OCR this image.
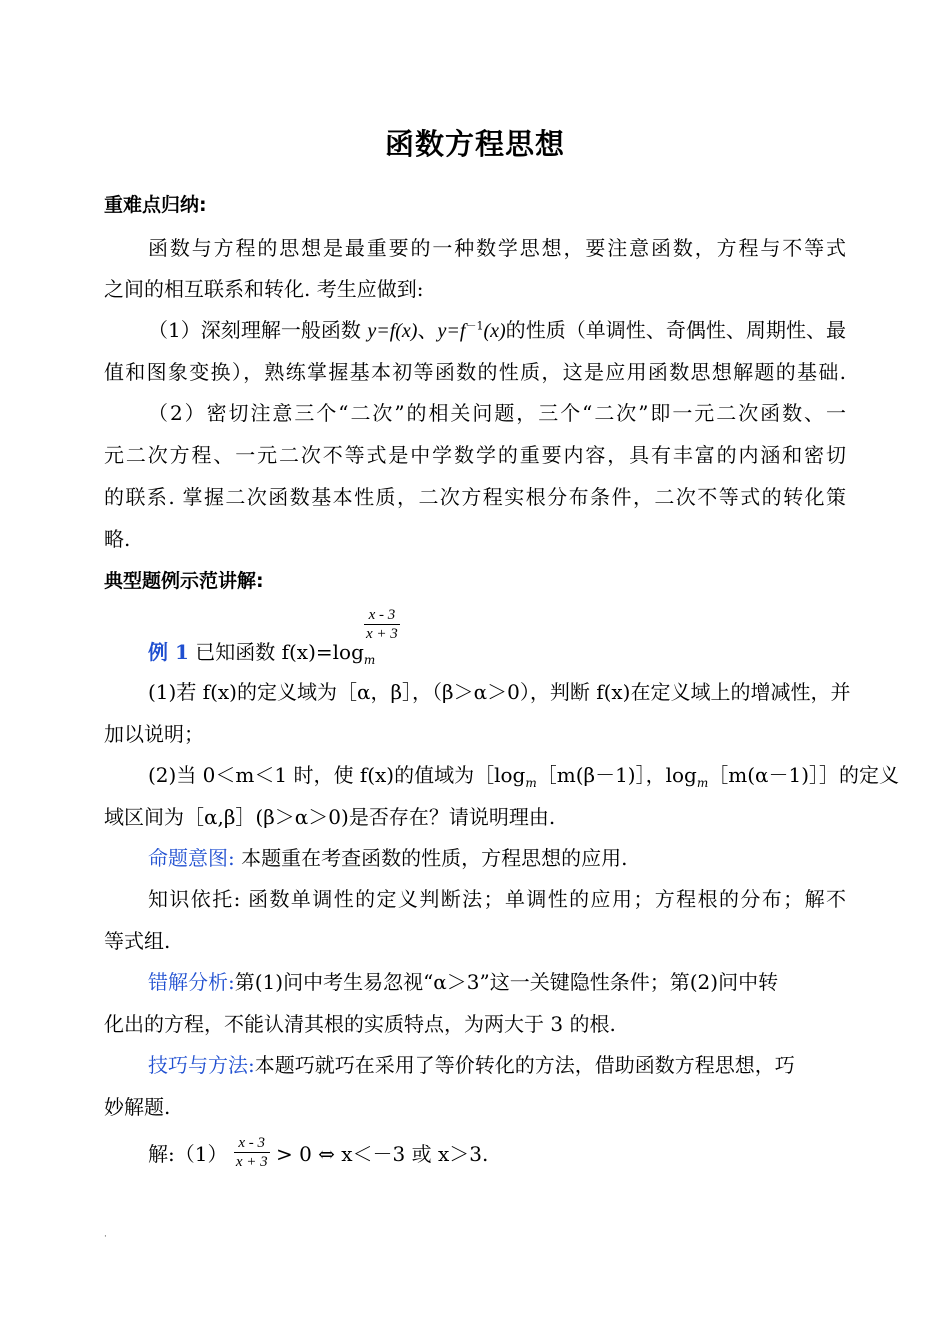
函数方程思想
重难点归纳:
函数与方程的思想是最重要的一种数学思想，要注意函数，方程与不等式
之间的相互联系和转化. 考生应做到:
（1）深刻理解一般函数 y=f(x)、$y=f^{-1}(x)$的性质（单调性、奇偶性、周期性、最
值和图象变换），熟练掌握基本初等函数的性质，这是应用函数思想解题的基础.
（2）密切注意三个“二次”的相关问题，三个“二次”即一元二次函数、一
元二次方程、一元二次不等式是中学数学的重要内容，具有丰富的内涵和密切
的联系. 掌握二次函数基本性质，二次方程实根分布条件，二次不等式的转化策
略.
典型题例示范讲解:
$\frac{x - 3}{x + 3}$
例 1 已知函数 $f(x)=\log_m$
(1)若 f(x)的定义域为［α，β］，（β＞α＞0），判断 f(x)在定义域上的增减性，并
加以说明；
(2)当 0＜m＜1 时，使 f(x)的值域为$[\log_m[m(\beta-1)]$，$\log_m[m(\alpha-1)]]$的定义
域区间为［α,β］(β＞α＞0)是否存在？请说明理由.
命题意图: 本题重在考查函数的性质，方程思想的应用.
知识依托: 函数单调性的定义判断法；单调性的应用；方程根的分布；解不
等式组.
错解分析:第(1)问中考生易忽视“α＞3”这一关键隐性条件；第(2)问中转
化出的方程，不能认清其根的实质特点，为两大于 3 的根.
技巧与方法:本题巧就巧在采用了等价转化的方法，借助函数方程思想，巧
妙解题.
解:（1） $\frac{x - 3}{x + 3} > 0$ ⇔ x＜－3 或 x＞3.
·
